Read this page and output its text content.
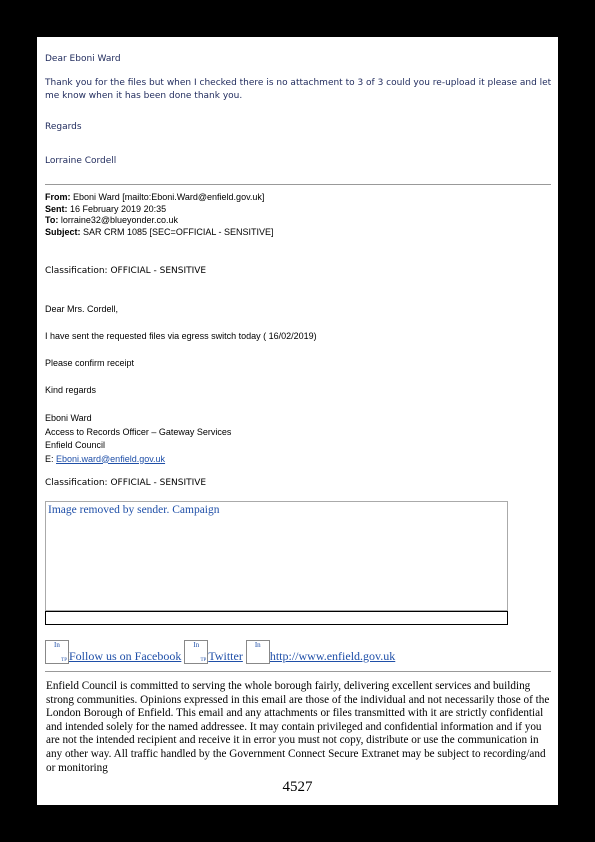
Dear Eboni Ward
Thank you for the files but when I checked there is no attachment to 3 of 3 could you re-upload it please and let me know when it has been done thank you.
Regards
Lorraine Cordell
From: Eboni Ward [mailto:Eboni.Ward@enfield.gov.uk]
Sent: 16 February 2019 20:35
To: lorraine32@blueyonder.co.uk
Subject: SAR CRM 1085 [SEC=OFFICIAL - SENSITIVE]
Classification: OFFICIAL - SENSITIVE
Dear Mrs. Cordell,
I have sent the requested files via egress switch today ( 16/02/2019)
Please confirm receipt
Kind regards
Eboni Ward
Access to Records Officer – Gateway Services
Enfield Council
E: Eboni.ward@enfield.gov.uk
Classification: OFFICIAL - SENSITIVE
Image removed by sender. Campaign
In
TP Follow us on Facebook
In
TP Twitter
In
http://www.enfield.gov.uk
Enfield Council is committed to serving the whole borough fairly, delivering excellent services and building strong communities. Opinions expressed in this email are those of the individual and not necessarily those of the London Borough of Enfield. This email and any attachments or files transmitted with it are strictly confidential and intended solely for the named addressee. It may contain privileged and confidential information and if you are not the intended recipient and receive it in error you must not copy, distribute or use the communication in any other way. All traffic handled by the Government Connect Secure Extranet may be subject to recording/and or monitoring
4527
